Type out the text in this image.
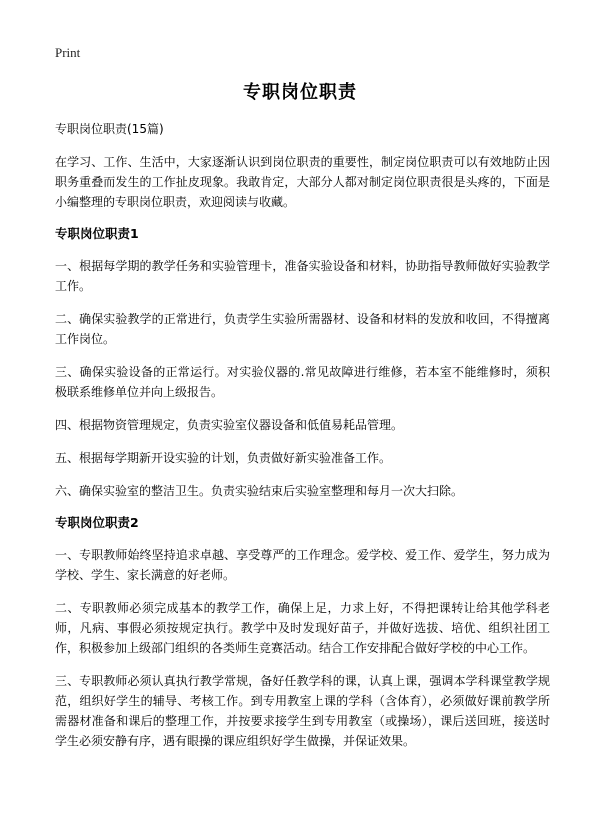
Print
专职岗位职责
专职岗位职责(15篇)

在学习、工作、生活中，大家逐渐认识到岗位职责的重要性，制定岗位职责可以有效地防止因职务重叠而发生的工作扯皮现象。我敢肯定，大部分人都对制定岗位职责很是头疼的，下面是小编整理的专职岗位职责，欢迎阅读与收藏。

专职岗位职责1

一、根据每学期的教学任务和实验管理卡，准备实验设备和材料，协助指导教师做好实验教学工作。

二、确保实验教学的正常进行，负责学生实验所需器材、设备和材料的发放和收回，不得擅离工作岗位。

三、确保实验设备的正常运行。对实验仪器的.常见故障进行维修，若本室不能维修时，须积极联系维修单位并向上级报告。

四、根据物资管理规定，负责实验室仪器设备和低值易耗品管理。

五、根据每学期新开设实验的计划，负责做好新实验准备工作。

六、确保实验室的整洁卫生。负责实验结束后实验室整理和每月一次大扫除。

专职岗位职责2

一、专职教师始终坚持追求卓越、享受尊严的工作理念。爱学校、爱工作、爱学生，努力成为学校、学生、家长满意的好老师。

二、专职教师必须完成基本的教学工作，确保上足，力求上好，不得把课转让给其他学科老师，凡病、事假必须按规定执行。教学中及时发现好苗子，并做好选拔、培优、组织社团工作，积极参加上级部门组织的各类师生竞赛活动。结合工作安排配合做好学校的中心工作。

三、专职教师必须认真执行教学常规，备好任教学科的课，认真上课，强调本学科课堂教学规范，组织好学生的辅导、考核工作。到专用教室上课的学科（含体育），必须做好课前教学所需器材准备和课后的整理工作，并按要求接学生到专用教室（或操场），课后送回班，接送时学生必须安静有序，遇有眼操的课应组织好学生做操，并保证效果。
